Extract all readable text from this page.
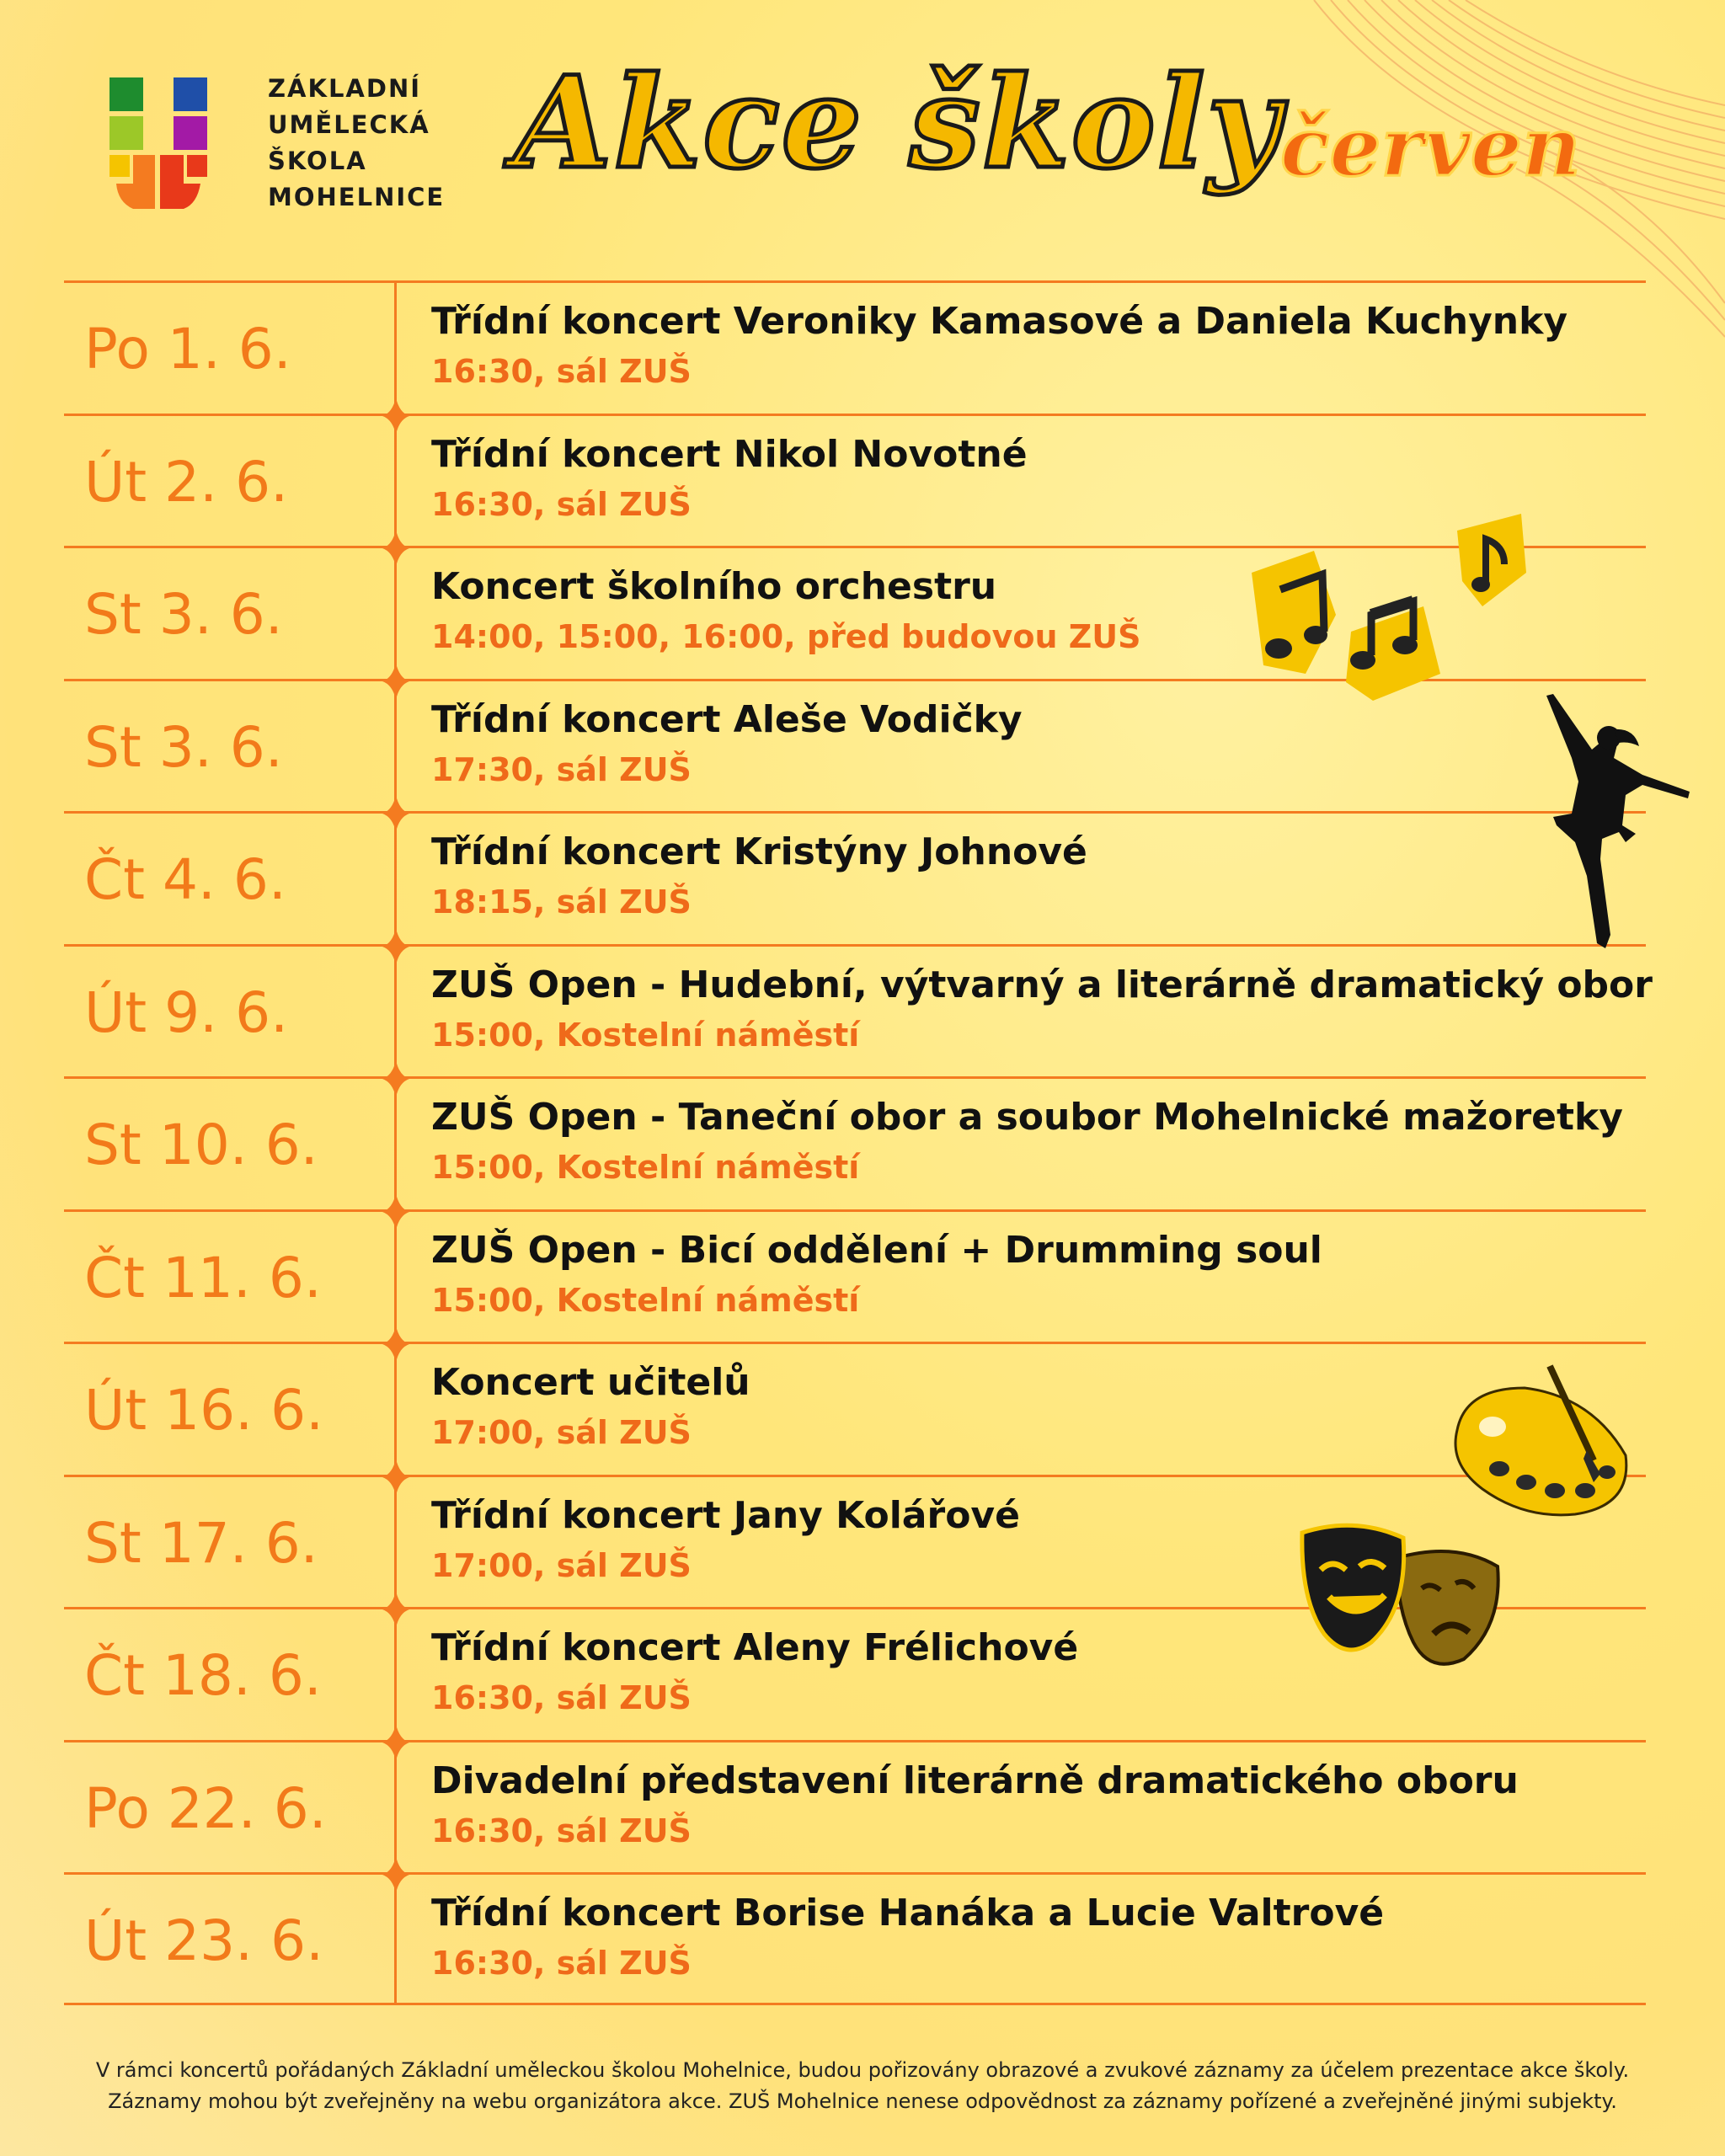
ZÁKLADNÍ
UMĚLECKÁ
ŠKOLA
MOHELNICE Akce školy
červen
Po 1. 6.	Třídní koncert Veroniky Kamasové a Daniela Kuchynky
16:30, sál ZUŠ
Út 2. 6.	Třídní koncert Nikol Novotné
16:30, sál ZUŠ
St 3. 6.	Koncert školního orchestru
14:00, 15:00, 16:00, před budovou ZUŠ
St 3. 6.	Třídní koncert Aleše Vodičky
17:30, sál ZUŠ
Čt 4. 6.	Třídní koncert Kristýny Johnové
18:15, sál ZUŠ
Út 9. 6.	ZUŠ Open - Hudební, výtvarný a literárně dramatický obor
15:00, Kostelní náměstí
St 10. 6.	ZUŠ Open - Taneční obor a soubor Mohelnické mažoretky
15:00, Kostelní náměstí
Čt 11. 6.	ZUŠ Open - Bicí oddělení + Drumming soul
15:00, Kostelní náměstí
Út 16. 6.	Koncert učitelů
17:00, sál ZUŠ
St 17. 6.	Třídní koncert Jany Kolářové
17:00, sál ZUŠ
Čt 18. 6.	Třídní koncert Aleny Frélichové
16:30, sál ZUŠ
Po 22. 6.	Divadelní představení literárně dramatického oboru
16:30, sál ZUŠ
Út 23. 6.	Třídní koncert Borise Hanáka a Lucie Valtrové
16:30, sál ZUŠ
V rámci koncertů pořádaných Základní uměleckou školou Mohelnice, budou pořizovány obrazové a zvukové záznamy za účelem prezentace akce školy.
Záznamy mohou být zveřejněny na webu organizátora akce. ZUŠ Mohelnice nenese odpovědnost za záznamy pořízené a zveřejněné jinými subjekty.
